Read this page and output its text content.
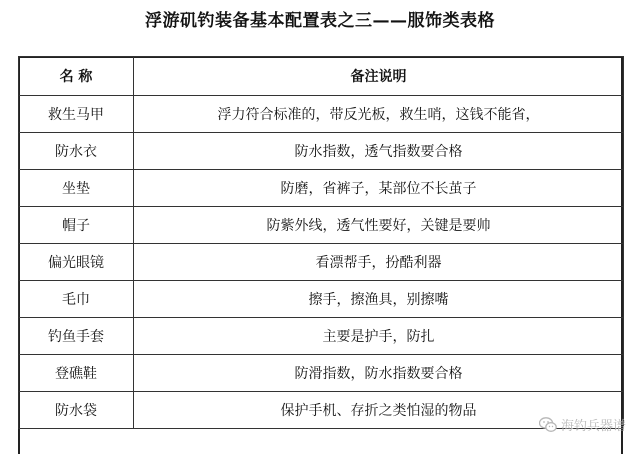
浮游矶钓装备基本配置表之三——服饰类表格
名 称	备注说明
救生马甲	浮力符合标准的，带反光板，救生哨，这钱不能省，
防水衣	防水指数，透气指数要合格
坐垫	防磨，省裤子，某部位不长茧子
帽子	防紫外线，透气性要好，关键是要帅
偏光眼镜	看漂帮手，扮酷利器
毛巾	擦手，擦渔具，别擦嘴
钓鱼手套	主要是护手，防扎
登礁鞋	防滑指数，防水指数要合格
防水袋	保护手机、存折之类怕湿的物品
海钓兵器谱
